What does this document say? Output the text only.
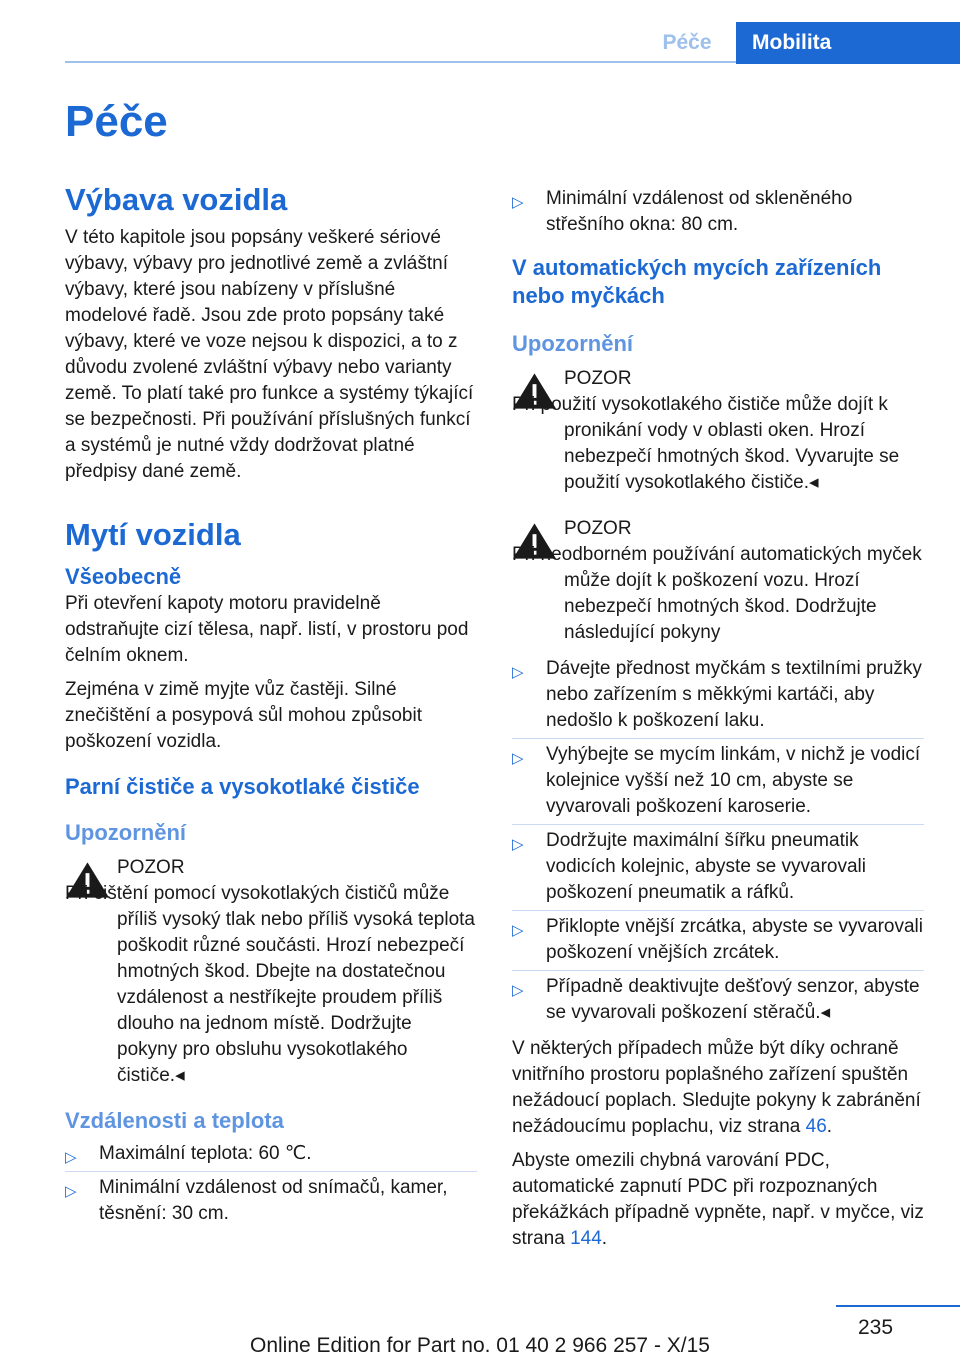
Péče	Mobilita
Péče
Výbava vozidla

V této kapitole jsou popsány veškeré sériové výbavy, výbavy pro jednotlivé země a zvláštní výbavy, které jsou nabízeny v příslušné modelové řadě. Jsou zde proto popsány také výbavy, které ve voze nejsou k dispozici, a to z důvodu zvolené zvláštní výbavy nebo varianty země. To platí také pro funkce a systémy týkající se bezpečnosti. Při používání příslušných funkcí a systémů je nutné vždy dodržovat platné předpisy dané země.

Mytí vozidla
Všeobecně

Při otevření kapoty motoru pravidelně odstraňujte cizí tělesa, např. listí, v prostoru pod čelním oknem.

Zejména v zimě myjte vůz častěji. Silné znečištění a posypová sůl mohou způsobit poškození vozidla.

Parní čističe a vysokotlaké čističe
Upozornění
POZOR
Při čištění pomocí vysokotlakých čističů může příliš vysoký tlak nebo příliš vysoká teplota poškodit různé součásti. Hrozí nebezpečí hmotných škod. Dbejte na dostatečnou vzdálenost a nestříkejte proudem příliš dlouho na jednom místě. Dodržujte pokyny pro obsluhu vysokotlakého čističe.◂
Vzdálenosti a teplota
▷ Maximální teplota: 60 ℃.
▷ Minimální vzdálenost od snímačů, kamer, těsnění: 30 cm.
▷ Minimální vzdálenost od skleněného střešního okna: 80 cm.
V automatických mycích zařízeních nebo myčkách
Upozornění
POZOR
Při použití vysokotlakého čističe může dojít k pronikání vody v oblasti oken. Hrozí nebezpečí hmotných škod. Vyvarujte se použití vysokotlakého čističe.◂
POZOR
Při neodborném používání automatických myček může dojít k poškození vozu. Hrozí nebezpečí hmotných škod. Dodržujte následující pokyny
▷ Dávejte přednost myčkám s textilními pružky nebo zařízením s měkkými kartáči, aby nedošlo k poškození laku.
▷ Vyhýbejte se mycím linkám, v nichž je vodicí kolejnice vyšší než 10 cm, abyste se vyvarovali poškození karoserie.
▷ Dodržujte maximální šířku pneumatik vodicích kolejnic, abyste se vyvarovali poškození pneumatik a ráfků.
▷ Přiklopte vnější zrcátka, abyste se vyvarovali poškození vnějších zrcátek.
▷ Případně deaktivujte dešťový senzor, abyste se vyvarovali poškození stěračů.◂

V některých případech může být díky ochraně vnitřního prostoru poplašného zařízení spuštěn nežádoucí poplach. Sledujte pokyny k zabránění nežádoucímu poplachu, viz strana 46.

Abyste omezili chybná varování PDC, automatické zapnutí PDC při rozpoznaných překážkách případně vypněte, např. v myčce, viz strana 144.

235
Online Edition for Part no. 01 40 2 966 257 - X/15
